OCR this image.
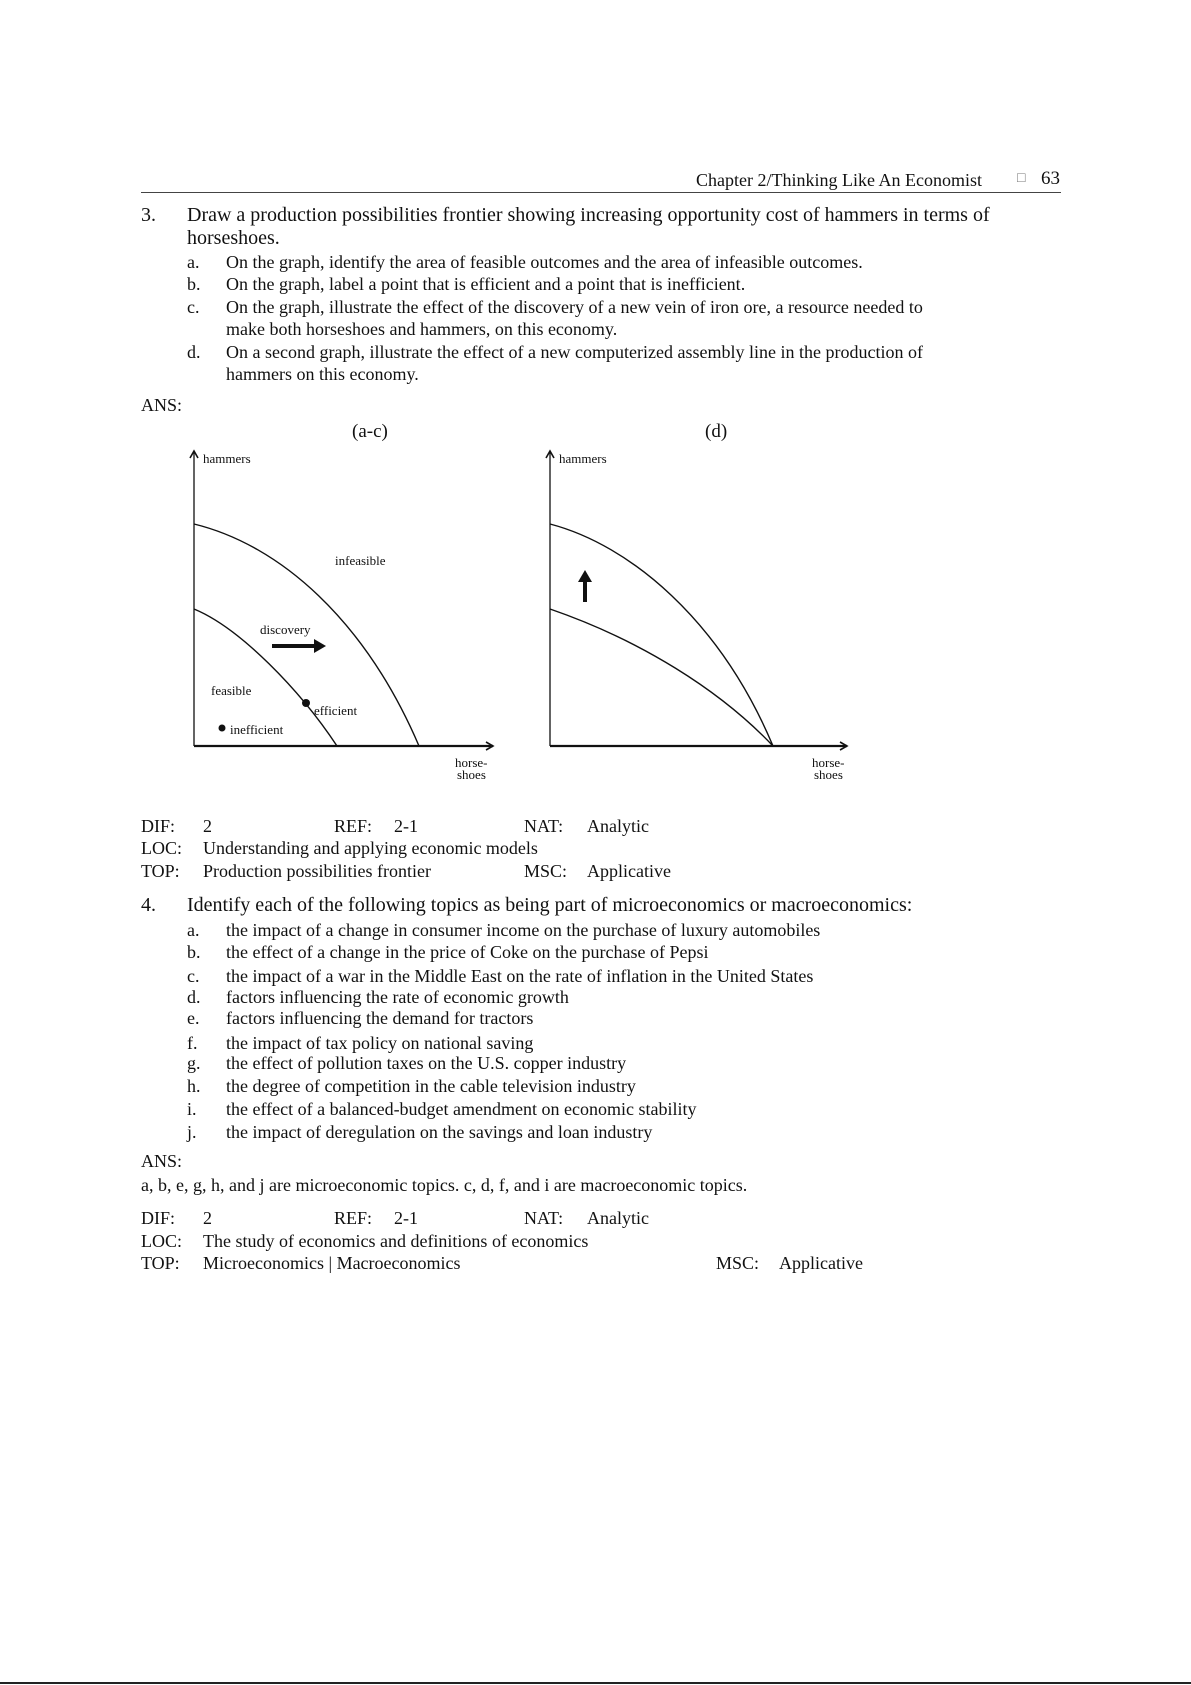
Chapter 2/Thinking Like An Economist	□ 63
3. Draw a production possibilities frontier showing increasing opportunity cost of hammers in terms of
horseshoes.
a. On the graph, identify the area of feasible outcomes and the area of infeasible outcomes.
b. On the graph, label a point that is efficient and a point that is inefficient.
c. On the graph, illustrate the effect of the discovery of a new vein of iron ore, a resource needed to
make both horseshoes and hammers, on this economy.
d. On a second graph, illustrate the effect of a new computerized assembly line in the production of
hammers on this economy.
ANS:
(a-c)
hammers
horse-
shoes
infeasible
discovery
feasible
efficient
inefficient
(d)
hammers
horse-
shoes
DIF: 2	REF: 2-1	NAT: Analytic
LOC: Understanding and applying economic models
TOP: Production possibilities frontier	MSC: Applicative
4. Identify each of the following topics as being part of microeconomics or macroeconomics:
a. the impact of a change in consumer income on the purchase of luxury automobiles
b. the effect of a change in the price of Coke on the purchase of Pepsi
c. the impact of a war in the Middle East on the rate of inflation in the United States
d. factors influencing the rate of economic growth
e. factors influencing the demand for tractors
f. the impact of tax policy on national saving
g. the effect of pollution taxes on the U.S. copper industry
h. the degree of competition in the cable television industry
i. the effect of a balanced-budget amendment on economic stability
j. the impact of deregulation on the savings and loan industry
ANS:
a, b, e, g, h, and j are microeconomic topics. c, d, f, and i are macroeconomic topics.
DIF: 2	REF: 2-1	NAT: Analytic
LOC: The study of economics and definitions of economics
TOP: Microeconomics | Macroeconomics	MSC: Applicative
